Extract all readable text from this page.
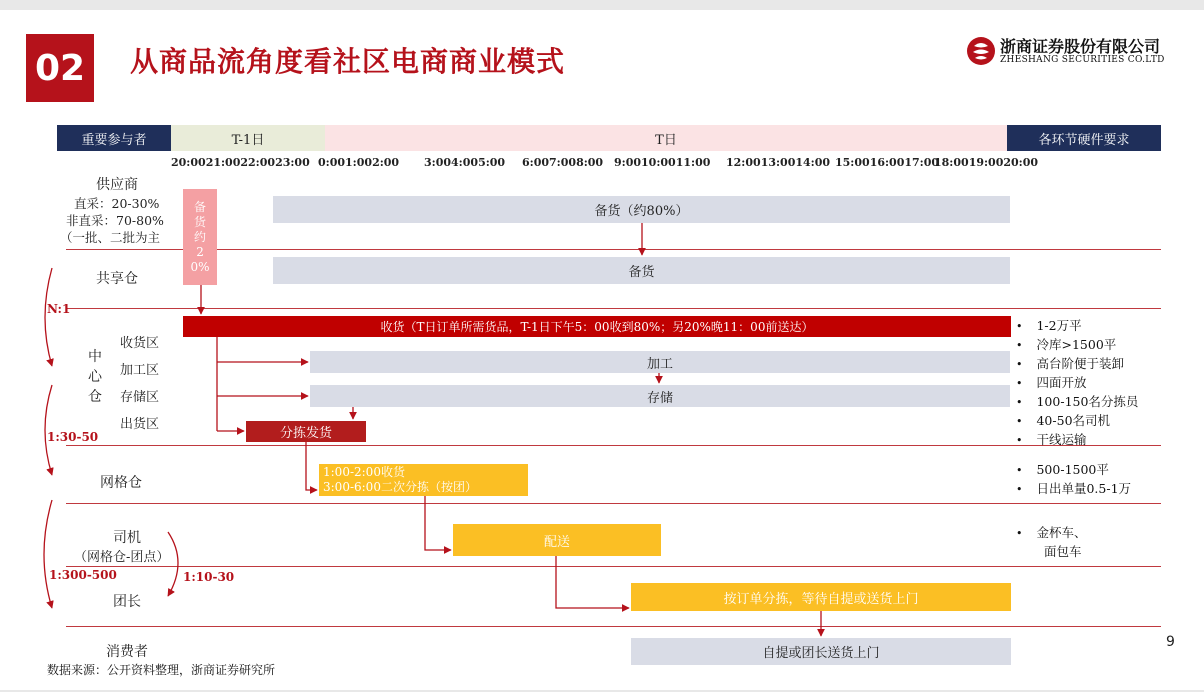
02	从商品流角度看社区电商商业模式	浙商证券股份有限公司
ZHESHANG SECURITIES CO.LTD
重要参与者	T-1日	T日	各环节硬件要求
20:0021:0022:0023:00 0:001:002:00 3:004:005:00 6:007:008:00 9:0010:0011:00 12:0013:0014:00 15:0016:0017:00
18:0019:0020:00
供应商
直采：20-30%
非直采：70-80%
（一批、二批为主
共享仓
中心仓
收货区
加工区
存储区
出货区
网格仓
司机
（网格仓-团点）
团长
消费者
N:1
1:30-50
1:300-500	1:10-30
备货（约80%）
备货约20%	备货
收货（T日订单所需货品，T-1日下午5：00收到80%；另20%晚11：00前送达）
加工
存储
分拣发货
1:00-2:00收货
3:00-6:00二次分拣（按团）
配送
按订单分拣，等待自提或送货上门
自提或团长送货上门
•    1-2万平
•    冷库>1500平
•    高台阶便于装卸
•    四面开放
•    100-150名分拣员
•    40-50名司机
•    干线运输
•    500-1500平
•    日出单量0.5-1万
•    金杯车、
面包车
数据来源：公开资料整理，浙商证券研究所
9
